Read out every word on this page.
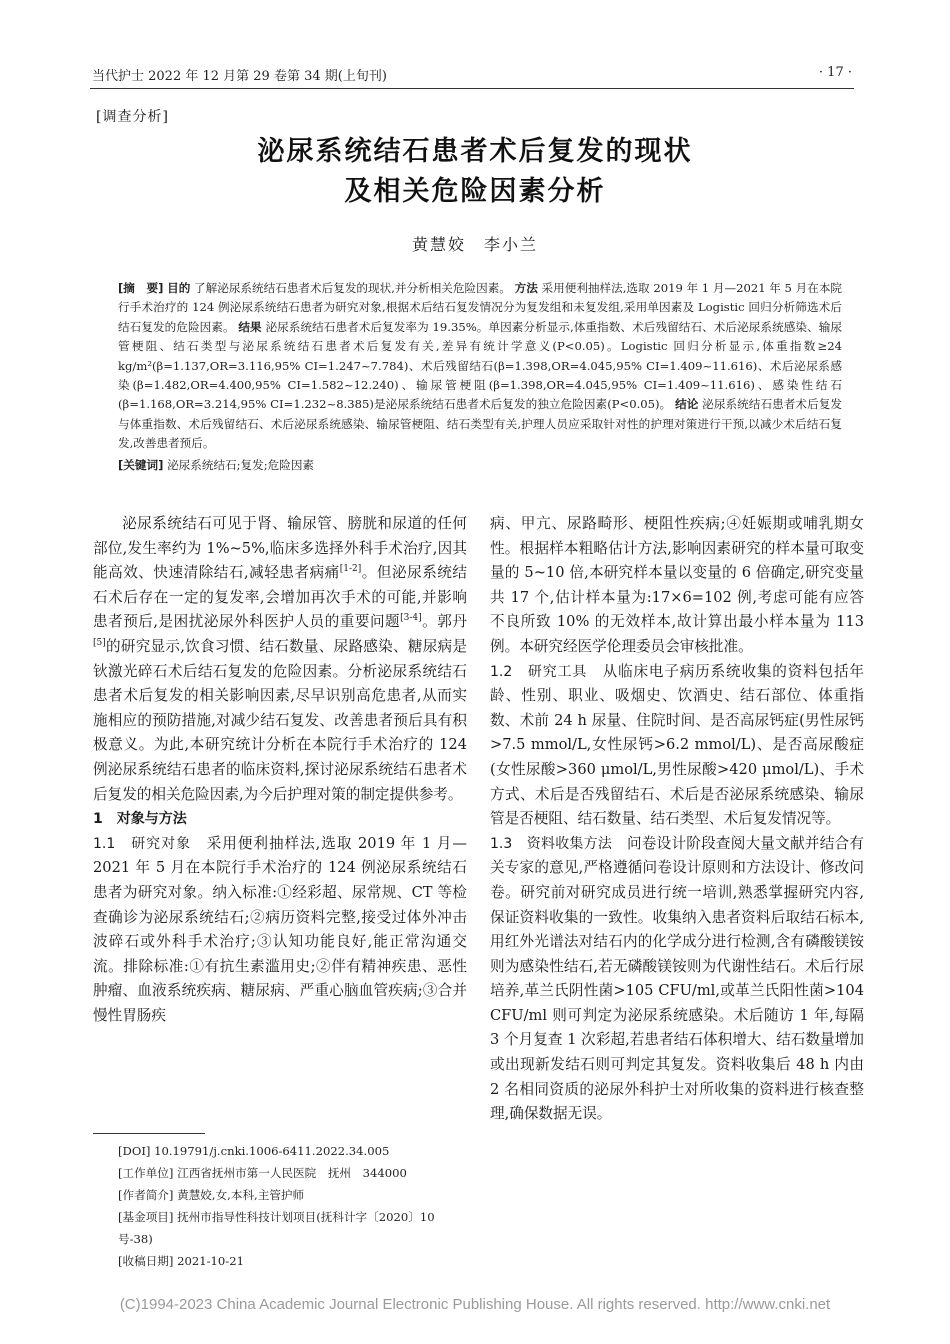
当代护士 2022 年 12 月第 29 卷第 34 期(上旬刊)	· 17 ·
[调查分析]
泌尿系统结石患者术后复发的现状
及相关危险因素分析
黄慧姣　李小兰

[摘　要] 目的 了解泌尿系统结石患者术后复发的现状,并分析相关危险因素。 方法 采用便利抽样法,选取 2019 年 1 月—2021 年 5 月在本院行手术治疗的 124 例泌尿系统结石患者为研究对象,根据术后结石复发情况分为复发组和未复发组,采用单因素及 Logistic 回归分析筛选术后结石复发的危险因素。 结果 泌尿系统结石患者术后复发率为 19.35%。单因素分析显示,体重指数、术后残留结石、术后泌尿系统感染、输尿管梗阻、结石类型与泌尿系统结石患者术后复发有关,差异有统计学意义(P<0.05)。Logistic 回归分析显示,体重指数≥24 kg/m²(β=1.137,OR=3.116,95% CI=1.247~7.784)、术后残留结石(β=1.398,OR=4.045,95% CI=1.409~11.616)、术后泌尿系感染(β=1.482,OR=4.400,95% CI=1.582~12.240)、输尿管梗阻(β=1.398,OR=4.045,95% CI=1.409~11.616)、感染性结石(β=1.168,OR=3.214,95% CI=1.232~8.385)是泌尿系统结石患者术后复发的独立危险因素(P<0.05)。 结论 泌尿系统结石患者术后复发与体重指数、术后残留结石、术后泌尿系统感染、输尿管梗阻、结石类型有关,护理人员应采取针对性的护理对策进行干预,以减少术后结石复发,改善患者预后。

[关键词] 泌尿系统结石;复发;危险因素

泌尿系统结石可见于肾、输尿管、膀胱和尿道的任何部位,发生率约为 1%~5%,临床多选择外科手术治疗,因其能高效、快速清除结石,减轻患者病痛[1-2]。但泌尿系统结石术后存在一定的复发率,会增加再次手术的可能,并影响患者预后,是困扰泌尿外科医护人员的重要问题[3-4]。郭丹[5]的研究显示,饮食习惯、结石数量、尿路感染、糖尿病是钬激光碎石术后结石复发的危险因素。分析泌尿系统结石患者术后复发的相关影响因素,尽早识别高危患者,从而实施相应的预防措施,对减少结石复发、改善患者预后具有积极意义。为此,本研究统计分析在本院行手术治疗的 124 例泌尿系统结石患者的临床资料,探讨泌尿系统结石患者术后复发的相关危险因素,为今后护理对策的制定提供参考。

1　对象与方法

1.1　研究对象　 采用便利抽样法,选取 2019 年 1 月—2021 年 5 月在本院行手术治疗的 124 例泌尿系统结石患者为研究对象。纳入标准:①经彩超、尿常规、CT 等检查确诊为泌尿系统结石;②病历资料完整,接受过体外冲击波碎石或外科手术治疗;③认知功能良好,能正常沟通交流。排除标准:①有抗生素滥用史;②伴有精神疾患、恶性肿瘤、血液系统疾病、糖尿病、严重心脑血管疾病;③合并慢性胃肠疾

病、甲亢、尿路畸形、梗阻性疾病;④妊娠期或哺乳期女性。根据样本粗略估计方法,影响因素研究的样本量可取变量的 5~10 倍,本研究样本量以变量的 6 倍确定,研究变量共 17 个,估计样本量为:17×6=102 例,考虑可能有应答不良所致 10% 的无效样本,故计算出最小样本量为 113 例。本研究经医学伦理委员会审核批准。

1.2　研究工具　 从临床电子病历系统收集的资料包括年龄、性别、职业、吸烟史、饮酒史、结石部位、体重指数、术前 24 h 尿量、住院时间、是否高尿钙症(男性尿钙>7.5 mmol/L,女性尿钙>6.2 mmol/L)、是否高尿酸症(女性尿酸>360 μmol/L,男性尿酸>420 μmol/L)、手术方式、术后是否残留结石、术后是否泌尿系统感染、输尿管是否梗阻、结石数量、结石类型、术后复发情况等。

1.3　资料收集方法　 问卷设计阶段查阅大量文献并结合有关专家的意见,严格遵循问卷设计原则和方法设计、修改问卷。研究前对研究成员进行统一培训,熟悉掌握研究内容,保证资料收集的一致性。收集纳入患者资料后取结石标本,用红外光谱法对结石内的化学成分进行检测,含有磷酸镁铵则为感染性结石,若无磷酸镁铵则为代谢性结石。术后行尿培养,革兰氏阴性菌>105 CFU/ml,或革兰氏阳性菌>104 CFU/ml 则可判定为泌尿系统感染。术后随访 1 年,每隔 3 个月复查 1 次彩超,若患者结石体积增大、结石数量增加或出现新发结石则可判定其复发。资料收集后 48 h 内由 2 名相同资质的泌尿外科护士对所收集的资料进行核查整理,确保数据无误。

[DOI] 10.19791/j.cnki.1006-6411.2022.34.005

[工作单位] 江西省抚州市第一人民医院　抚州　344000

[作者简介] 黄慧姣,女,本科,主管护师

[基金项目] 抚州市指导性科技计划项目(抚科计字〔2020〕10 号-38)

[收稿日期] 2021-10-21

(C)1994-2023 China Academic Journal Electronic Publishing House. All rights reserved. http://www.cnki.net
